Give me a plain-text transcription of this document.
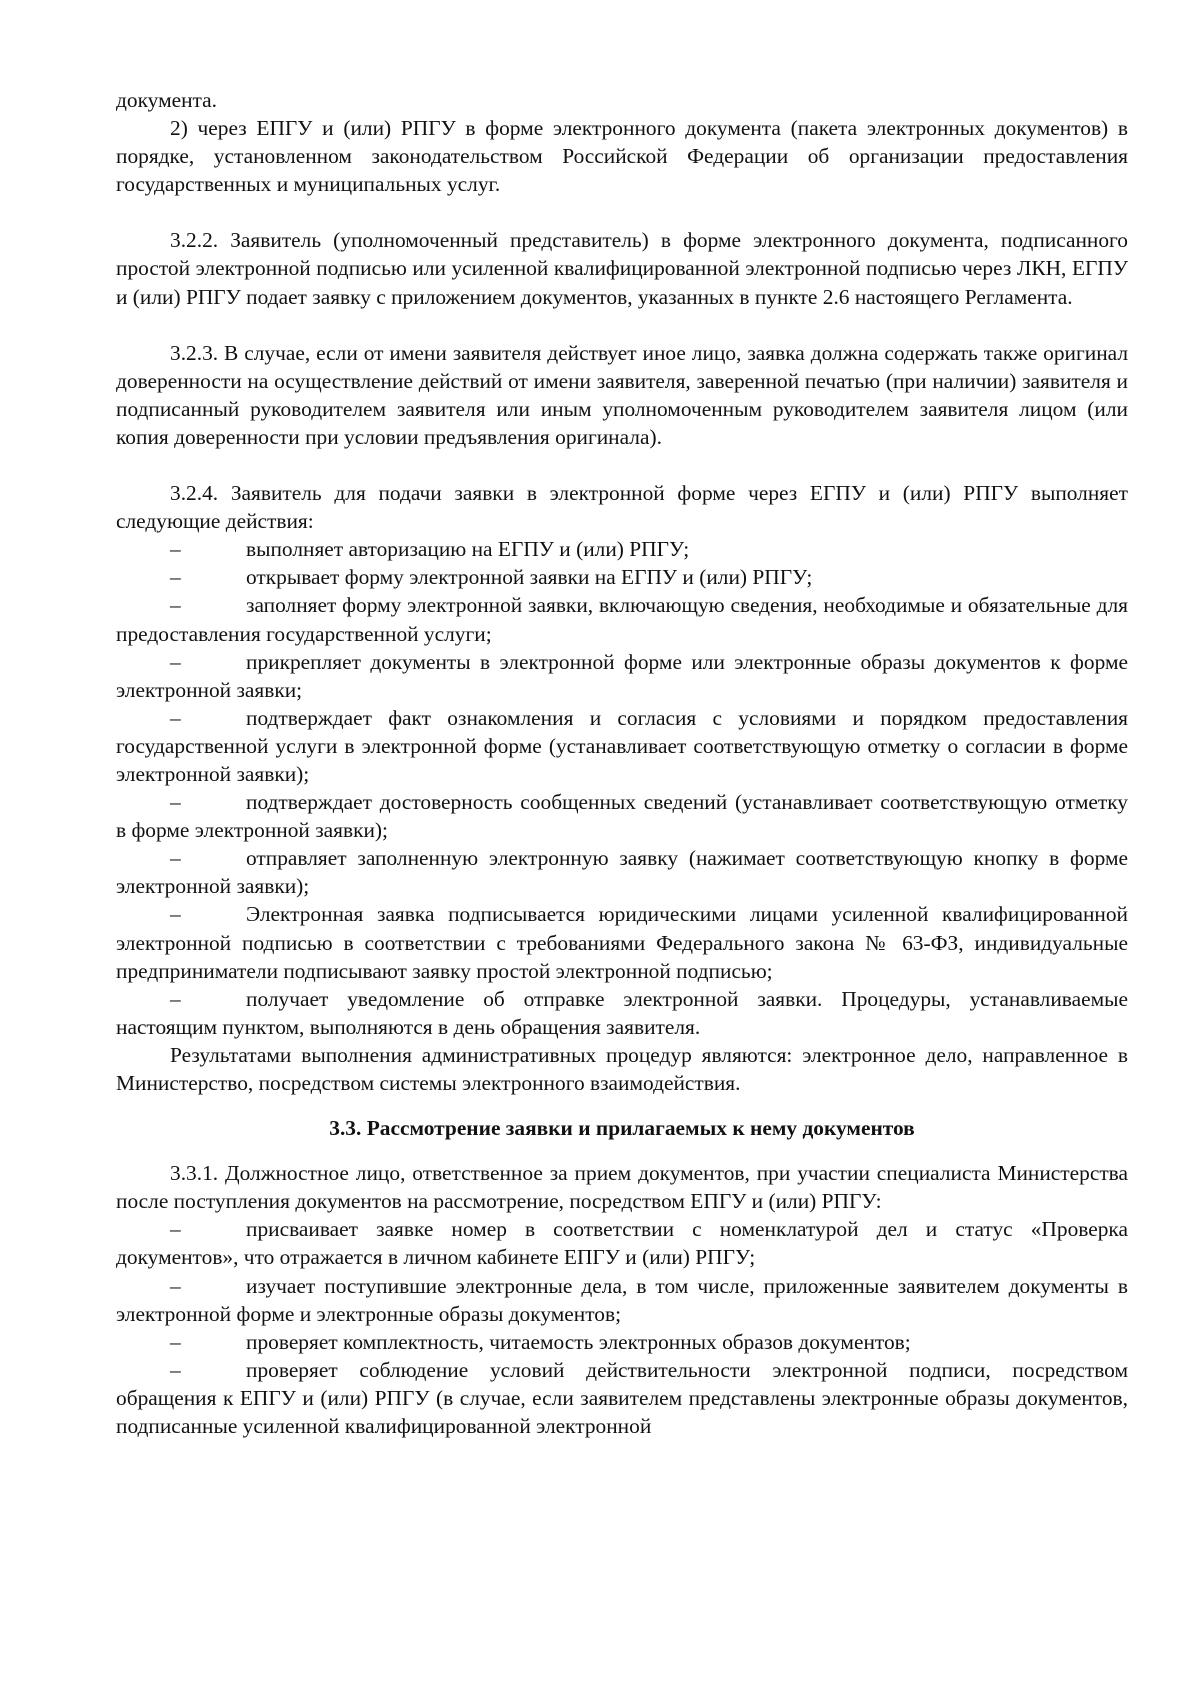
документа.

2) через ЕПГУ и (или) РПГУ в форме электронного документа (пакета электронных документов) в порядке, установленном законодательством Российской Федерации об организации предоставления государственных и муниципальных услуг.

3.2.2. Заявитель (уполномоченный представитель) в форме электронного документа, подписанного простой электронной подписью или усиленной квалифицированной электронной подписью через ЛКН, ЕГПУ и (или) РПГУ подает заявку с приложением документов, указанных в пункте 2.6 настоящего Регламента.

3.2.3. В случае, если от имени заявителя действует иное лицо, заявка должна содержать также оригинал доверенности на осуществление действий от имени заявителя, заверенной печатью (при наличии) заявителя и подписанный руководителем заявителя или иным уполномоченным руководителем заявителя лицом (или копия доверенности при условии предъявления оригинала).

3.2.4. Заявитель для подачи заявки в электронной форме через ЕГПУ и (или) РПГУ выполняет следующие действия:

–	выполняет авторизацию на ЕГПУ и (или) РПГУ;

–	открывает форму электронной заявки на ЕГПУ и (или) РПГУ;

–	заполняет форму электронной заявки, включающую сведения, необходимые и обязательные для предоставления государственной услуги;

–	прикрепляет документы в электронной форме или электронные образы документов к форме электронной заявки;

–	подтверждает факт ознакомления и согласия с условиями и порядком предоставления государственной услуги в электронной форме (устанавливает соответствующую отметку о согласии в форме электронной заявки);

–	подтверждает достоверность сообщенных сведений (устанавливает соответствующую отметку в форме электронной заявки);

–	отправляет заполненную электронную заявку (нажимает соответствующую кнопку в форме электронной заявки);

–	Электронная заявка подписывается юридическими лицами усиленной квалифицированной электронной подписью в соответствии с требованиями Федерального закона № 63-ФЗ, индивидуальные предприниматели подписывают заявку простой электронной подписью;

–	получает уведомление об отправке электронной заявки. Процедуры, устанавливаемые настоящим пунктом, выполняются в день обращения заявителя.

Результатами выполнения административных процедур являются: электронное дело, направленное в Министерство, посредством системы электронного взаимодействия.

3.3. Рассмотрение заявки и прилагаемых к нему документов

3.3.1. Должностное лицо, ответственное за прием документов, при участии специалиста Министерства после поступления документов на рассмотрение, посредством ЕПГУ и (или) РПГУ:

–	присваивает заявке номер в соответствии с номенклатурой дел и статус «Проверка документов», что отражается в личном кабинете ЕПГУ и (или) РПГУ;

–	изучает поступившие электронные дела, в том числе, приложенные заявителем документы в электронной форме и электронные образы документов;

–	проверяет комплектность, читаемость электронных образов документов;

–	проверяет соблюдение условий действительности электронной подписи, посредством обращения к ЕПГУ и (или) РПГУ (в случае, если заявителем представлены электронные образы документов, подписанные усиленной квалифицированной электронной
